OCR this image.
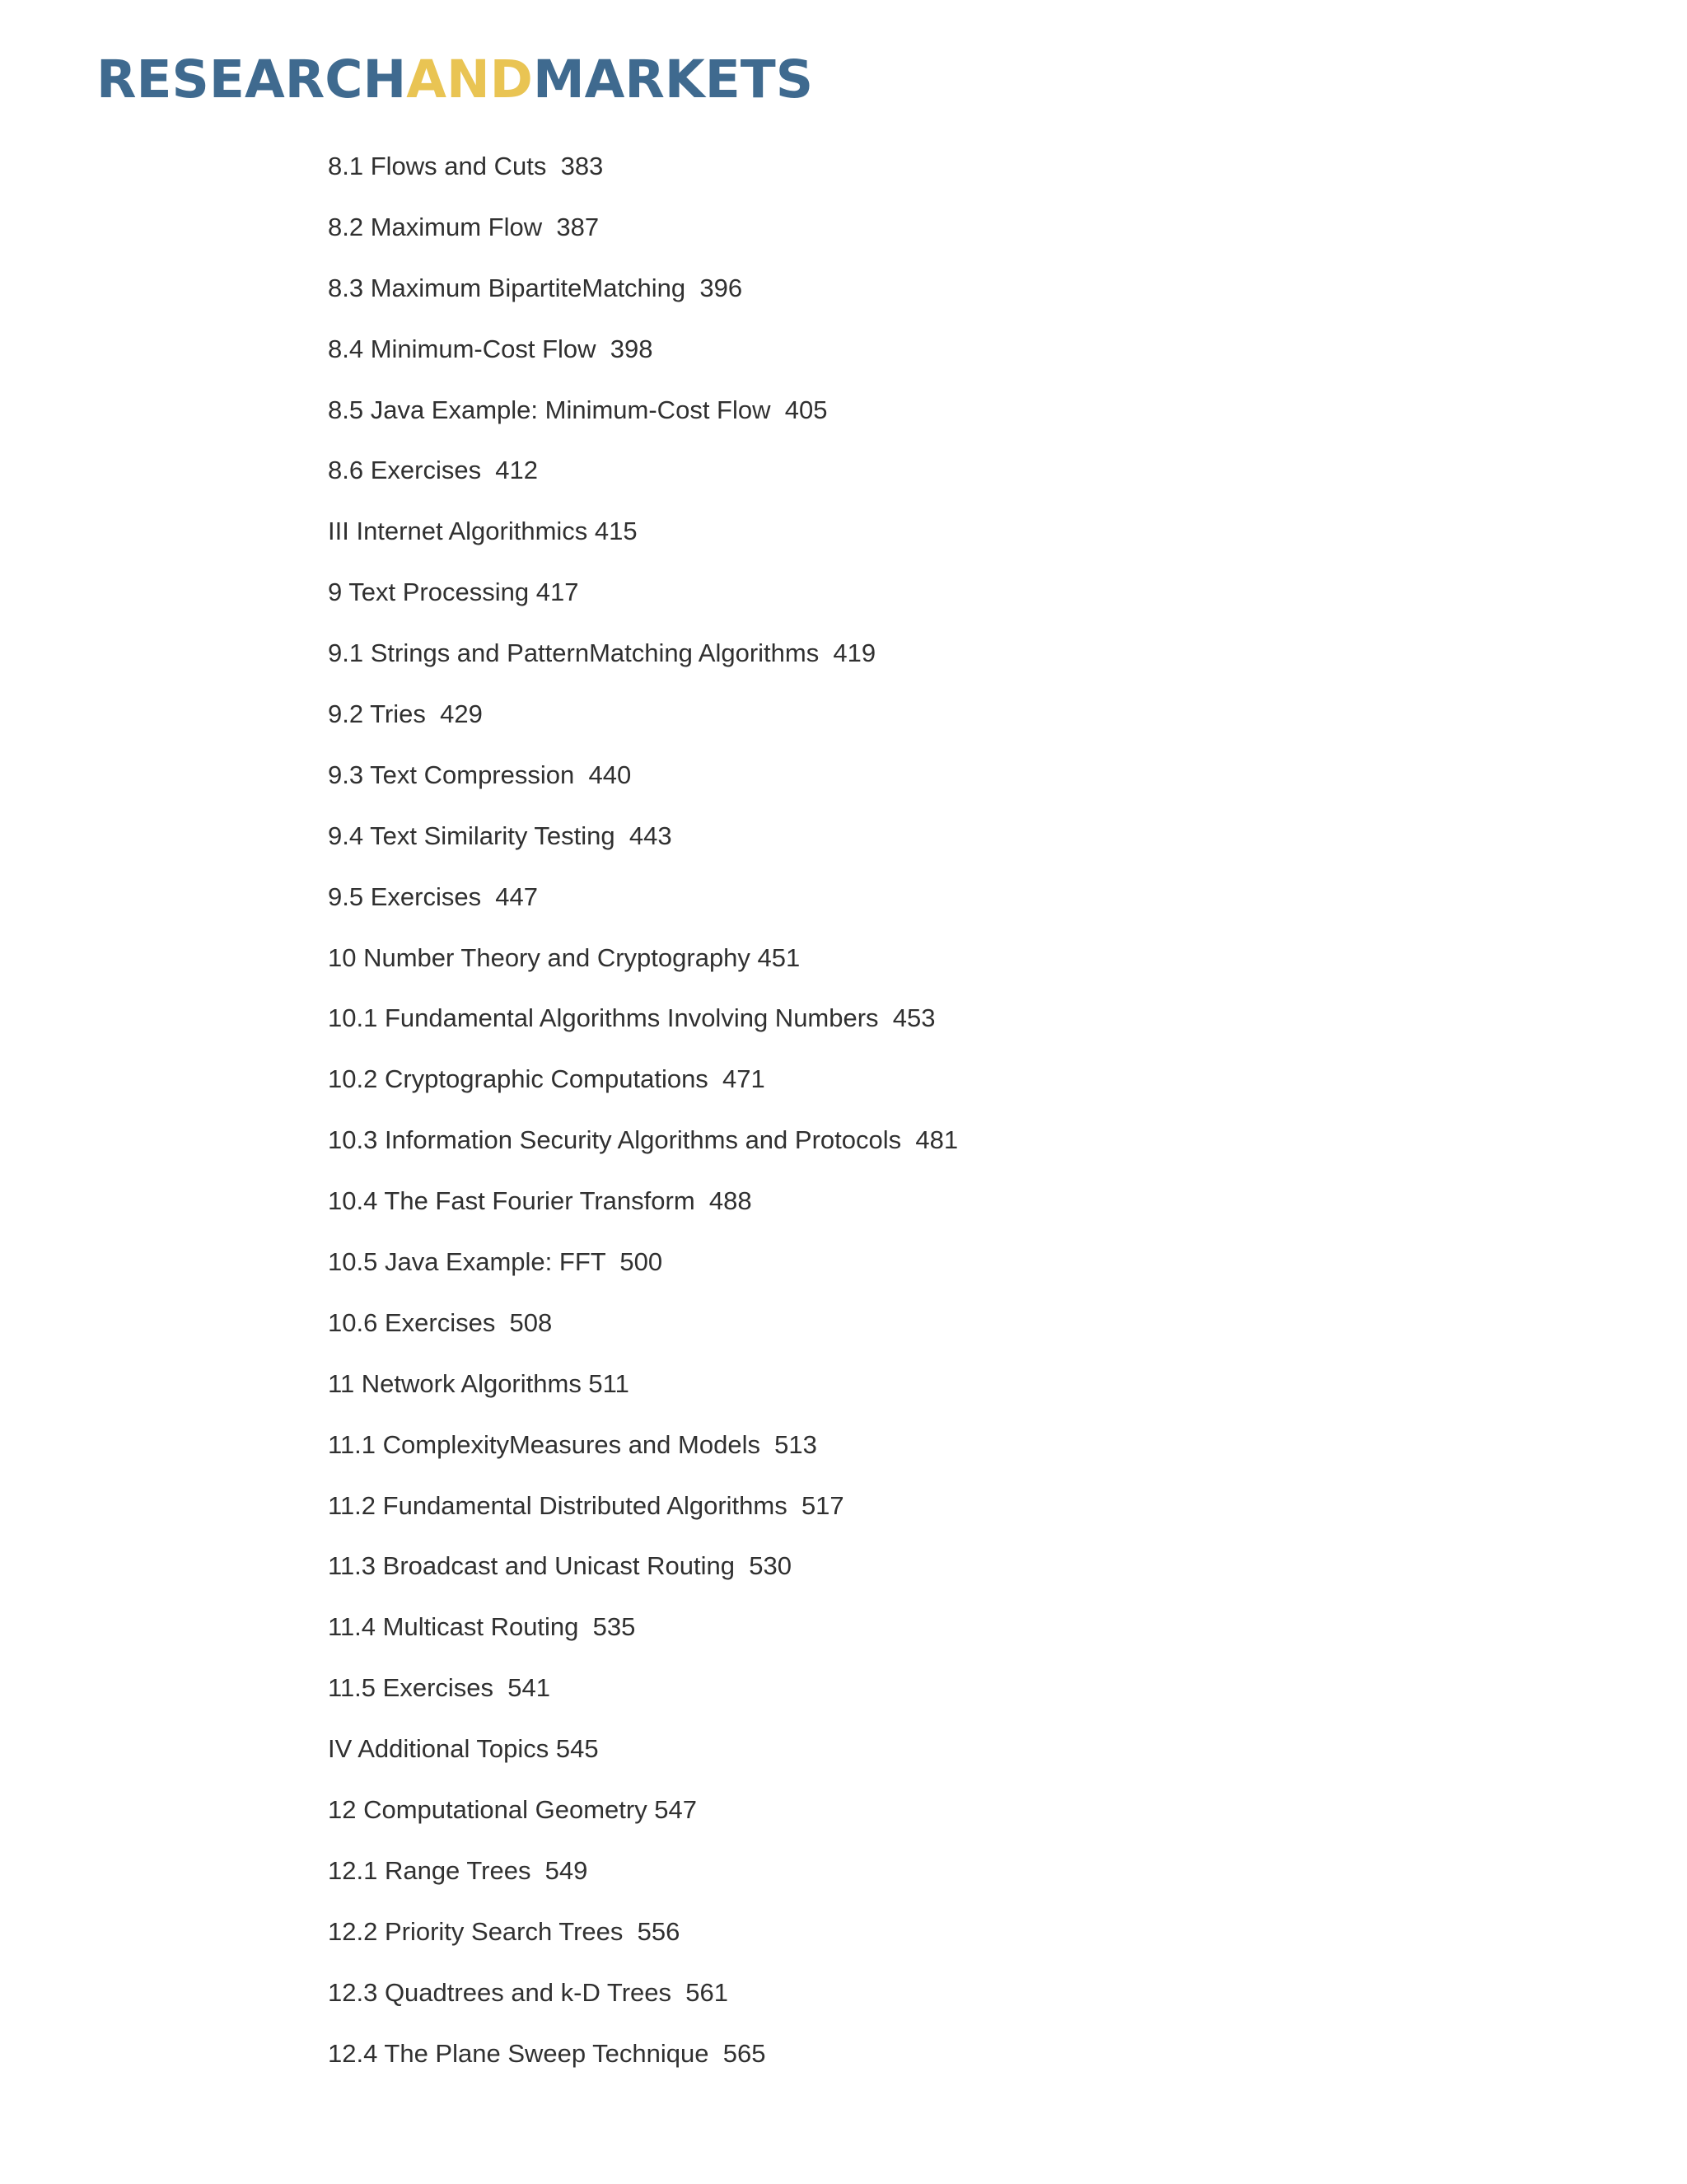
RESEARCH AND MARKETS
8.1 Flows and Cuts  383
8.2 Maximum Flow  387
8.3 Maximum BipartiteMatching  396
8.4 Minimum-Cost Flow  398
8.5 Java Example: Minimum-Cost Flow  405
8.6 Exercises  412
III Internet Algorithmics 415
9 Text Processing 417
9.1 Strings and PatternMatching Algorithms  419
9.2 Tries  429
9.3 Text Compression  440
9.4 Text Similarity Testing  443
9.5 Exercises  447
10 Number Theory and Cryptography 451
10.1 Fundamental Algorithms Involving Numbers  453
10.2 Cryptographic Computations  471
10.3 Information Security Algorithms and Protocols  481
10.4 The Fast Fourier Transform  488
10.5 Java Example: FFT  500
10.6 Exercises  508
11 Network Algorithms 511
11.1 ComplexityMeasures and Models  513
11.2 Fundamental Distributed Algorithms  517
11.3 Broadcast and Unicast Routing  530
11.4 Multicast Routing  535
11.5 Exercises  541
IV Additional Topics 545
12 Computational Geometry 547
12.1 Range Trees  549
12.2 Priority Search Trees  556
12.3 Quadtrees and k-D Trees  561
12.4 The Plane Sweep Technique  565
